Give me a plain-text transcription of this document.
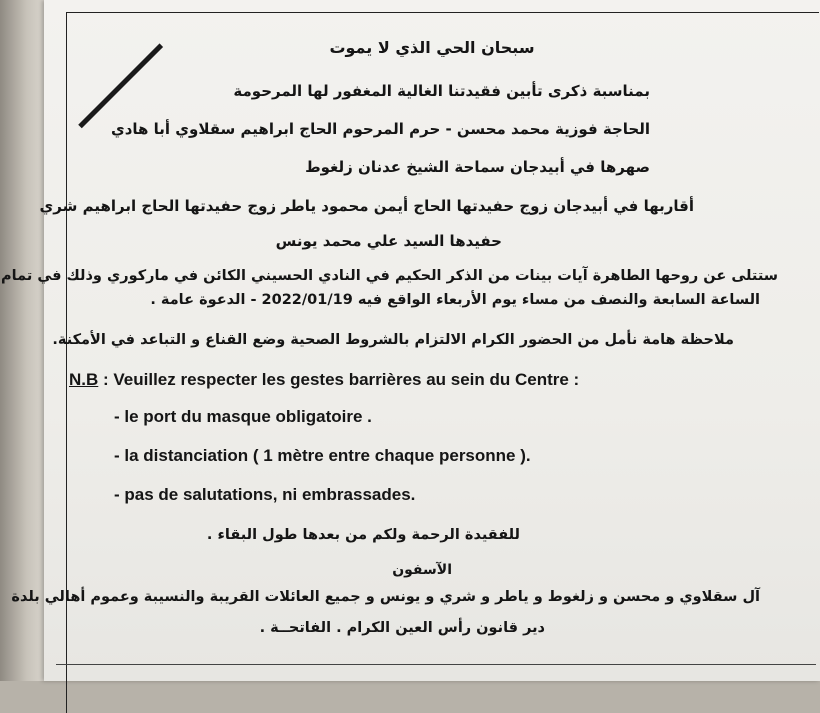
سبحان الحي الذي لا يموت
بمناسبة ذكرى تأبين فقيدتنا الغالية المغفور لها المرحومة
الحاجة فوزية محمد محسن - حرم المرحوم الحاج ابراهيم سقلاوي أبا هادي
صهرها في أبيدجان سماحة الشيخ عدنان زلغوط
أقاربها في أبيدجان زوج حفيدتها الحاج أيمن محمود ياطر زوج حفيدتها الحاج ابراهيم شري
حفيدها السيد علي محمد يونس
ستتلى عن روحها الطاهرة آيات بينات من الذكر الحكيم في النادي الحسيني الكائن في ماركوري وذلك في تمام
الساعة السابعة والنصف من مساء يوم الأربعاء الواقع فيه 2022/01/19 - الدعوة عامة .
ملاحظة هامة نأمل من الحضور الكرام الالتزام بالشروط الصحية وضع القناع و التباعد في الأمكنة.
N.B : Veuillez respecter les gestes barrières au sein du Centre :
- le port du masque obligatoire .
- la distanciation ( 1 mètre entre chaque personne ).
- pas de salutations, ni embrassades.
للفقيدة الرحمة ولكم من بعدها طول البقاء .
الآسفون
آل سقلاوي و محسن و زلغوط و ياطر و شري و يونس و جميع العائلات القريبة والنسيبة وعموم أهالي بلدة
دير قانون رأس العين الكرام . الفاتحــة .
